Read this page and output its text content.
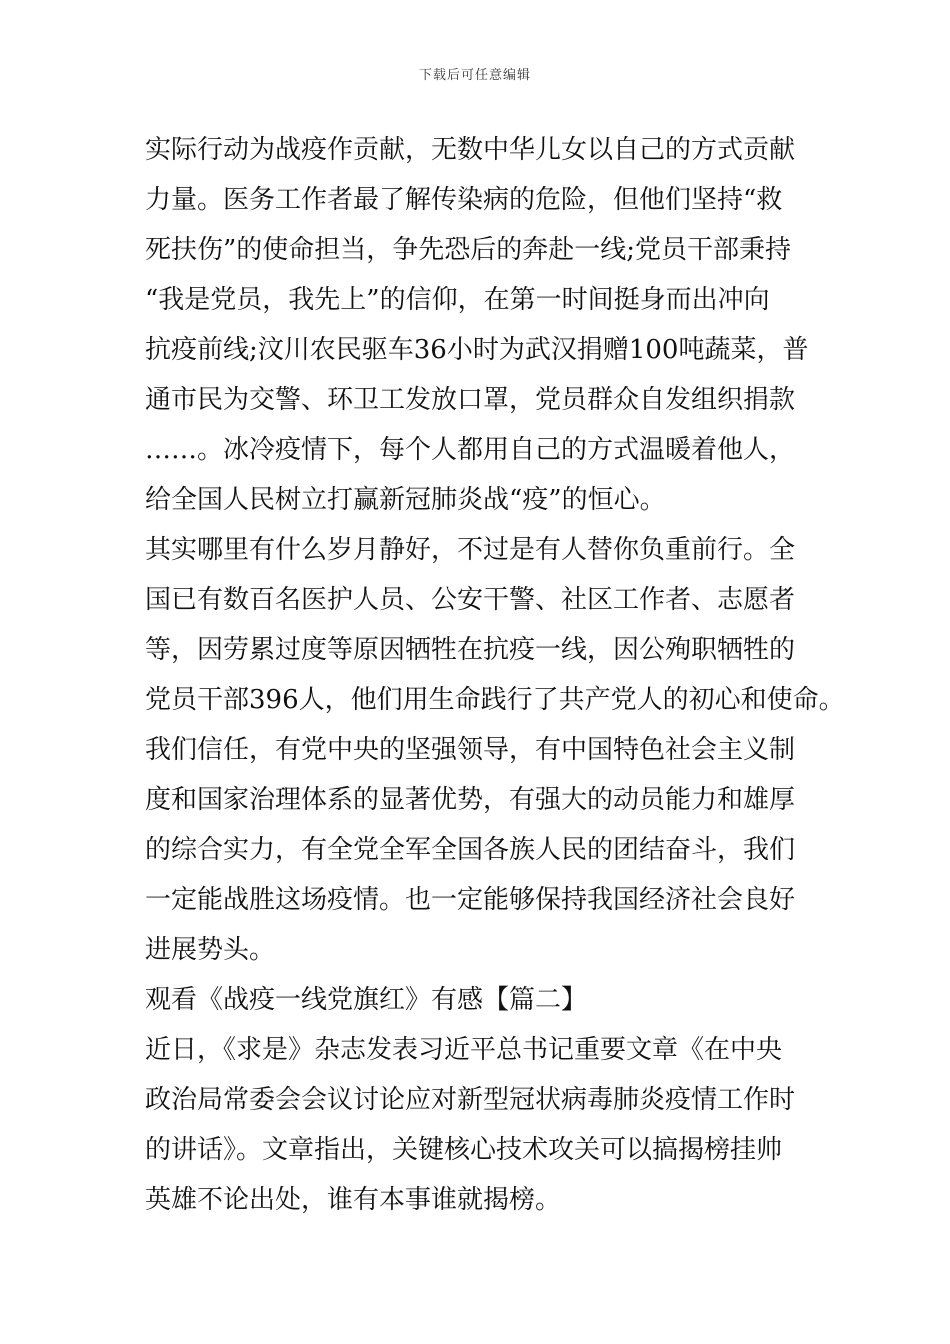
下载后可任意编辑
实际行动为战疫作贡献，无数中华儿女以自己的方式贡献
力量。医务工作者最了解传染病的危险，但他们坚持“救
死扶伤”的使命担当，争先恐后的奔赴一线;党员干部秉持
“我是党员，我先上”的信仰，在第一时间挺身而出冲向
抗疫前线;汶川农民驱车36小时为武汉捐赠100吨蔬菜，普
通市民为交警、环卫工发放口罩，党员群众自发组织捐款
……。冰冷疫情下，每个人都用自己的方式温暖着他人，
给全国人民树立打赢新冠肺炎战“疫”的恒心。
其实哪里有什么岁月静好，不过是有人替你负重前行。全
国已有数百名医护人员、公安干警、社区工作者、志愿者
等，因劳累过度等原因牺牲在抗疫一线，因公殉职牺牲的
党员干部396人，他们用生命践行了共产党人的初心和使命。
我们信任，有党中央的坚强领导，有中国特色社会主义制
度和国家治理体系的显著优势，有强大的动员能力和雄厚
的综合实力，有全党全军全国各族人民的团结奋斗，我们
一定能战胜这场疫情。也一定能够保持我国经济社会良好
进展势头。
观看《战疫一线党旗红》有感【篇二】
近日，《求是》杂志发表习近平总书记重要文章《在中央
政治局常委会会议讨论应对新型冠状病毒肺炎疫情工作时
的讲话》。文章指出，关键核心技术攻关可以搞揭榜挂帅
英雄不论出处，谁有本事谁就揭榜。
